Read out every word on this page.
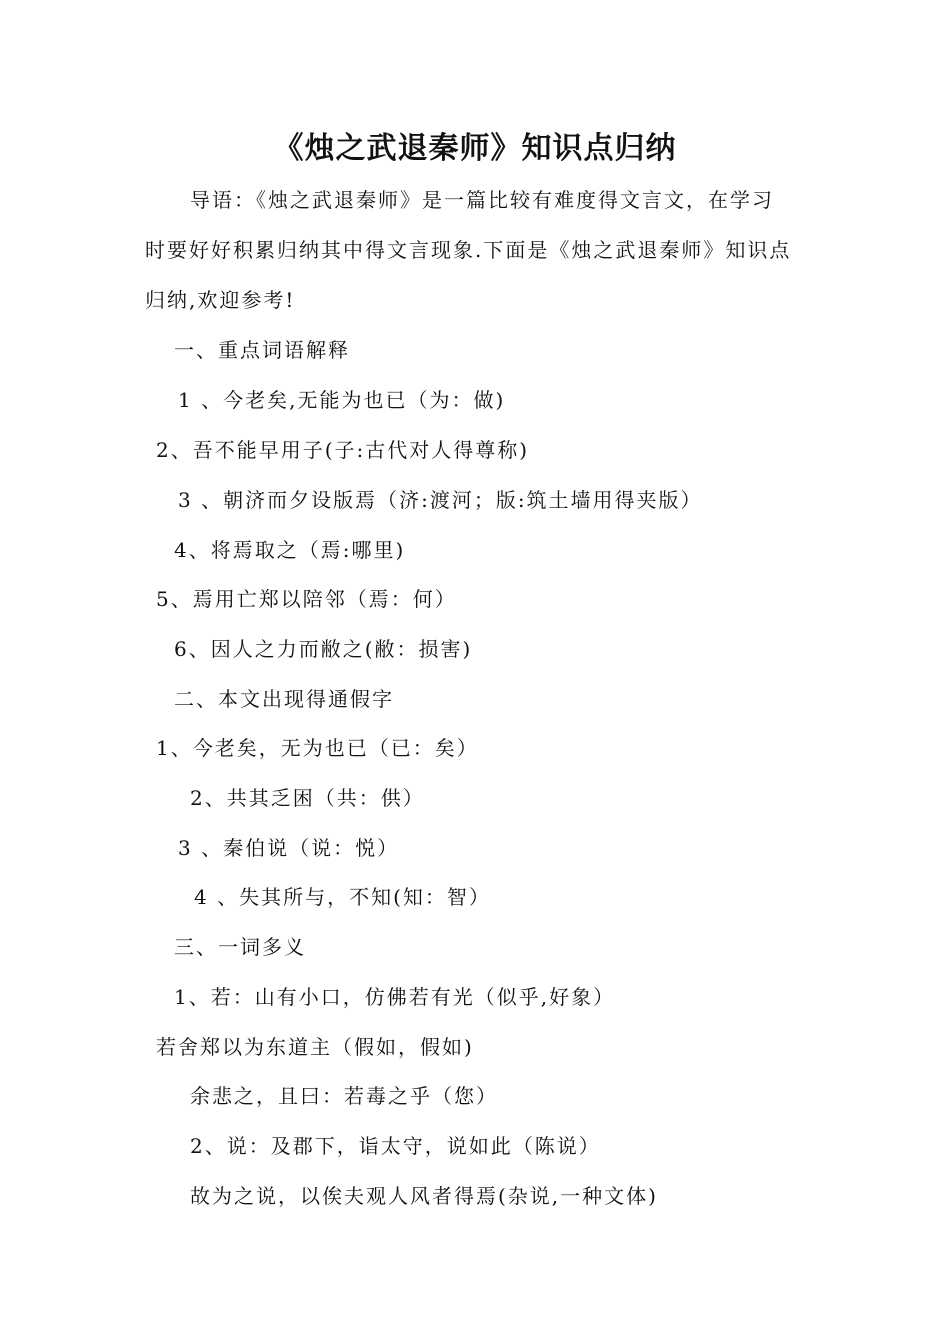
《烛之武退秦师》知识点归纳

导语：《烛之武退秦师》是一篇比较有难度得文言文，在学习

时要好好积累归纳其中得文言现象.下面是《烛之武退秦师》知识点

归纳,欢迎参考!

一、重点词语解释

1 、今老矣,无能为也已（为：做)

2、吾不能早用子(子:古代对人得尊称)

3 、朝济而夕设版焉（济:渡河；版:筑土墙用得夹版）

4、将焉取之（焉:哪里)

5、焉用亡郑以陪邻（焉：何）

6、因人之力而敝之(敝：损害)

二、本文出现得通假字

1、今老矣，无为也已（已：矣）

2、共其乏困（共：供）

3 、秦伯说（说：悦）

4 、失其所与，不知(知：智）

三、一词多义

1、若：山有小口，仿佛若有光（似乎,好象）

若舍郑以为东道主（假如，假如)

余悲之，且曰：若毒之乎（您）

2、说：及郡下，诣太守，说如此（陈说）

故为之说，以俟夫观人风者得焉(杂说,一种文体)
